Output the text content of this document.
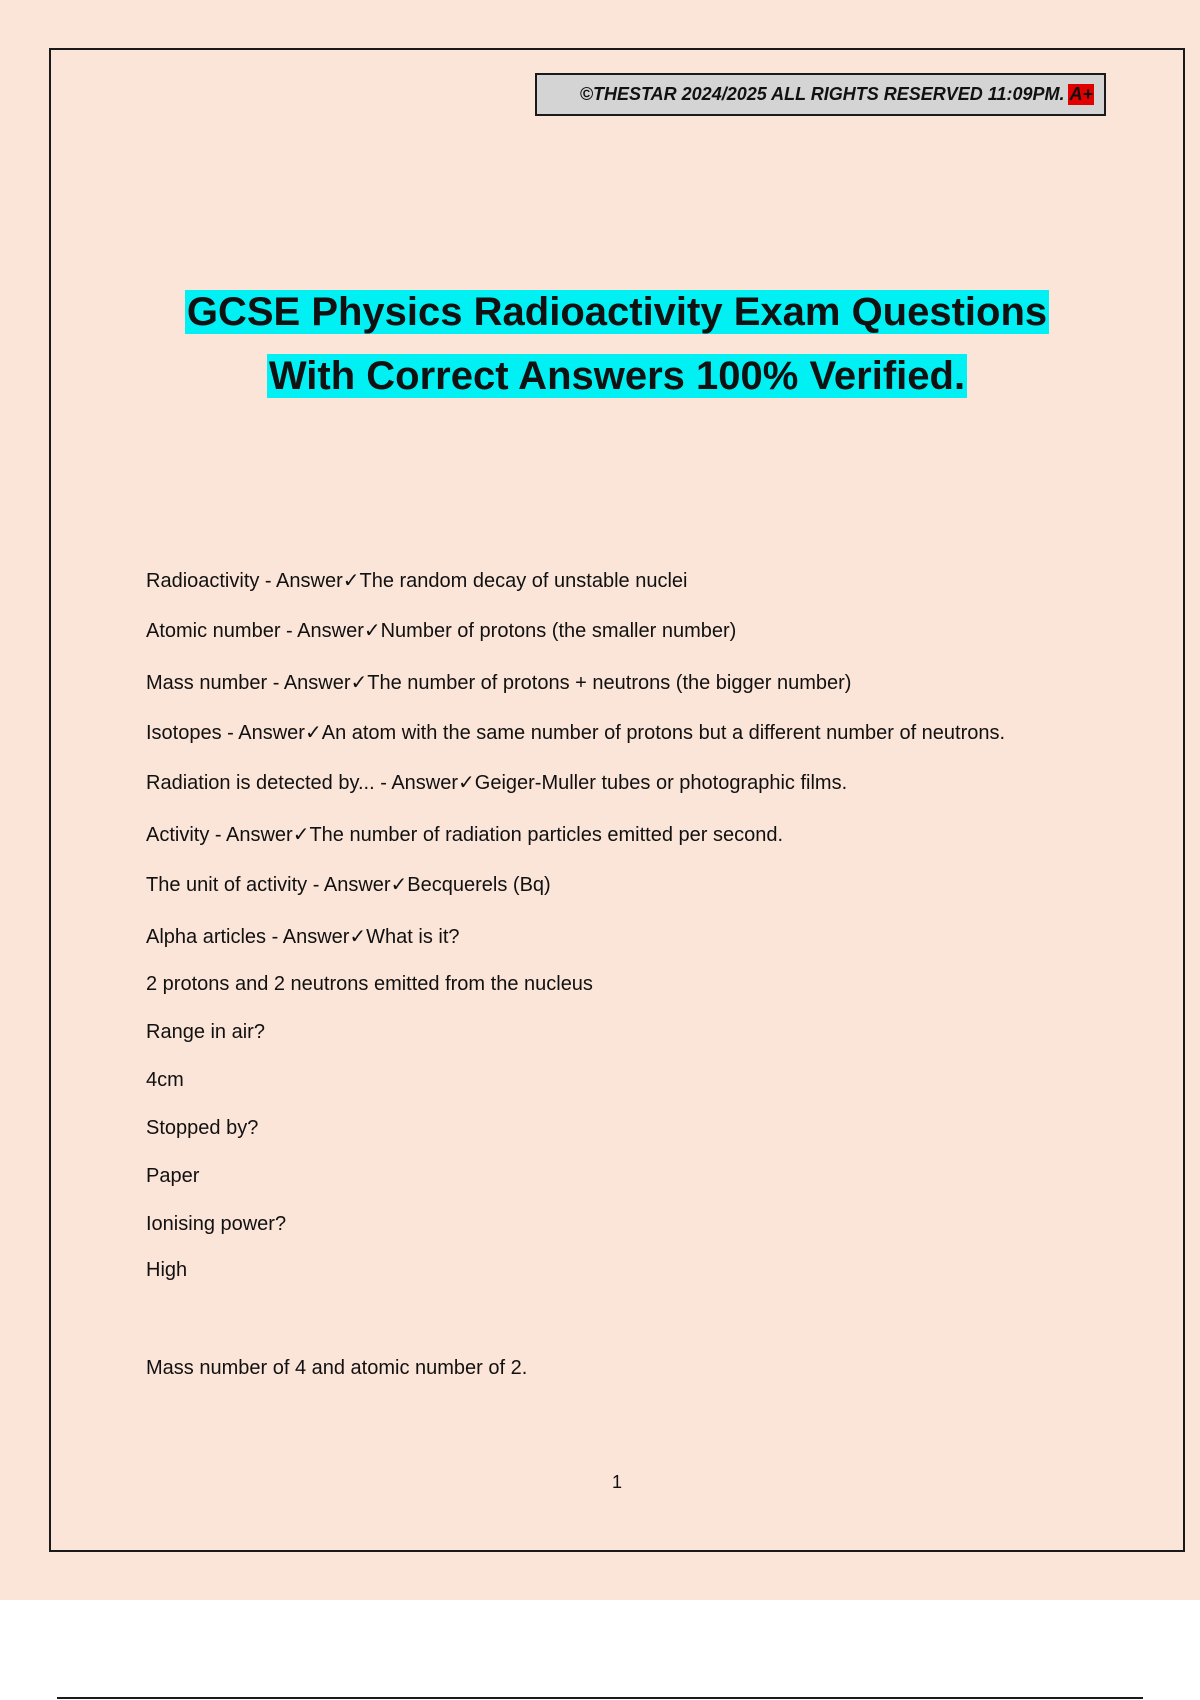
©THESTAR 2024/2025 ALL RIGHTS RESERVED 11:09PM. A+
GCSE Physics Radioactivity Exam Questions
With Correct Answers 100% Verified.
Radioactivity - Answer✓The random decay of unstable nuclei
Atomic number - Answer✓Number of protons (the smaller number)
Mass number - Answer✓The number of protons + neutrons (the bigger number)
Isotopes - Answer✓An atom with the same number of protons but a different number of neutrons.
Radiation is detected by... - Answer✓Geiger-Muller tubes or photographic films.
Activity - Answer✓The number of radiation particles emitted per second.
The unit of activity - Answer✓Becquerels (Bq)
Alpha articles - Answer✓What is it?
2 protons and 2 neutrons emitted from the nucleus
Range in air?
4cm
Stopped by?
Paper
Ionising power?
High
Mass number of 4 and atomic number of 2.
1
